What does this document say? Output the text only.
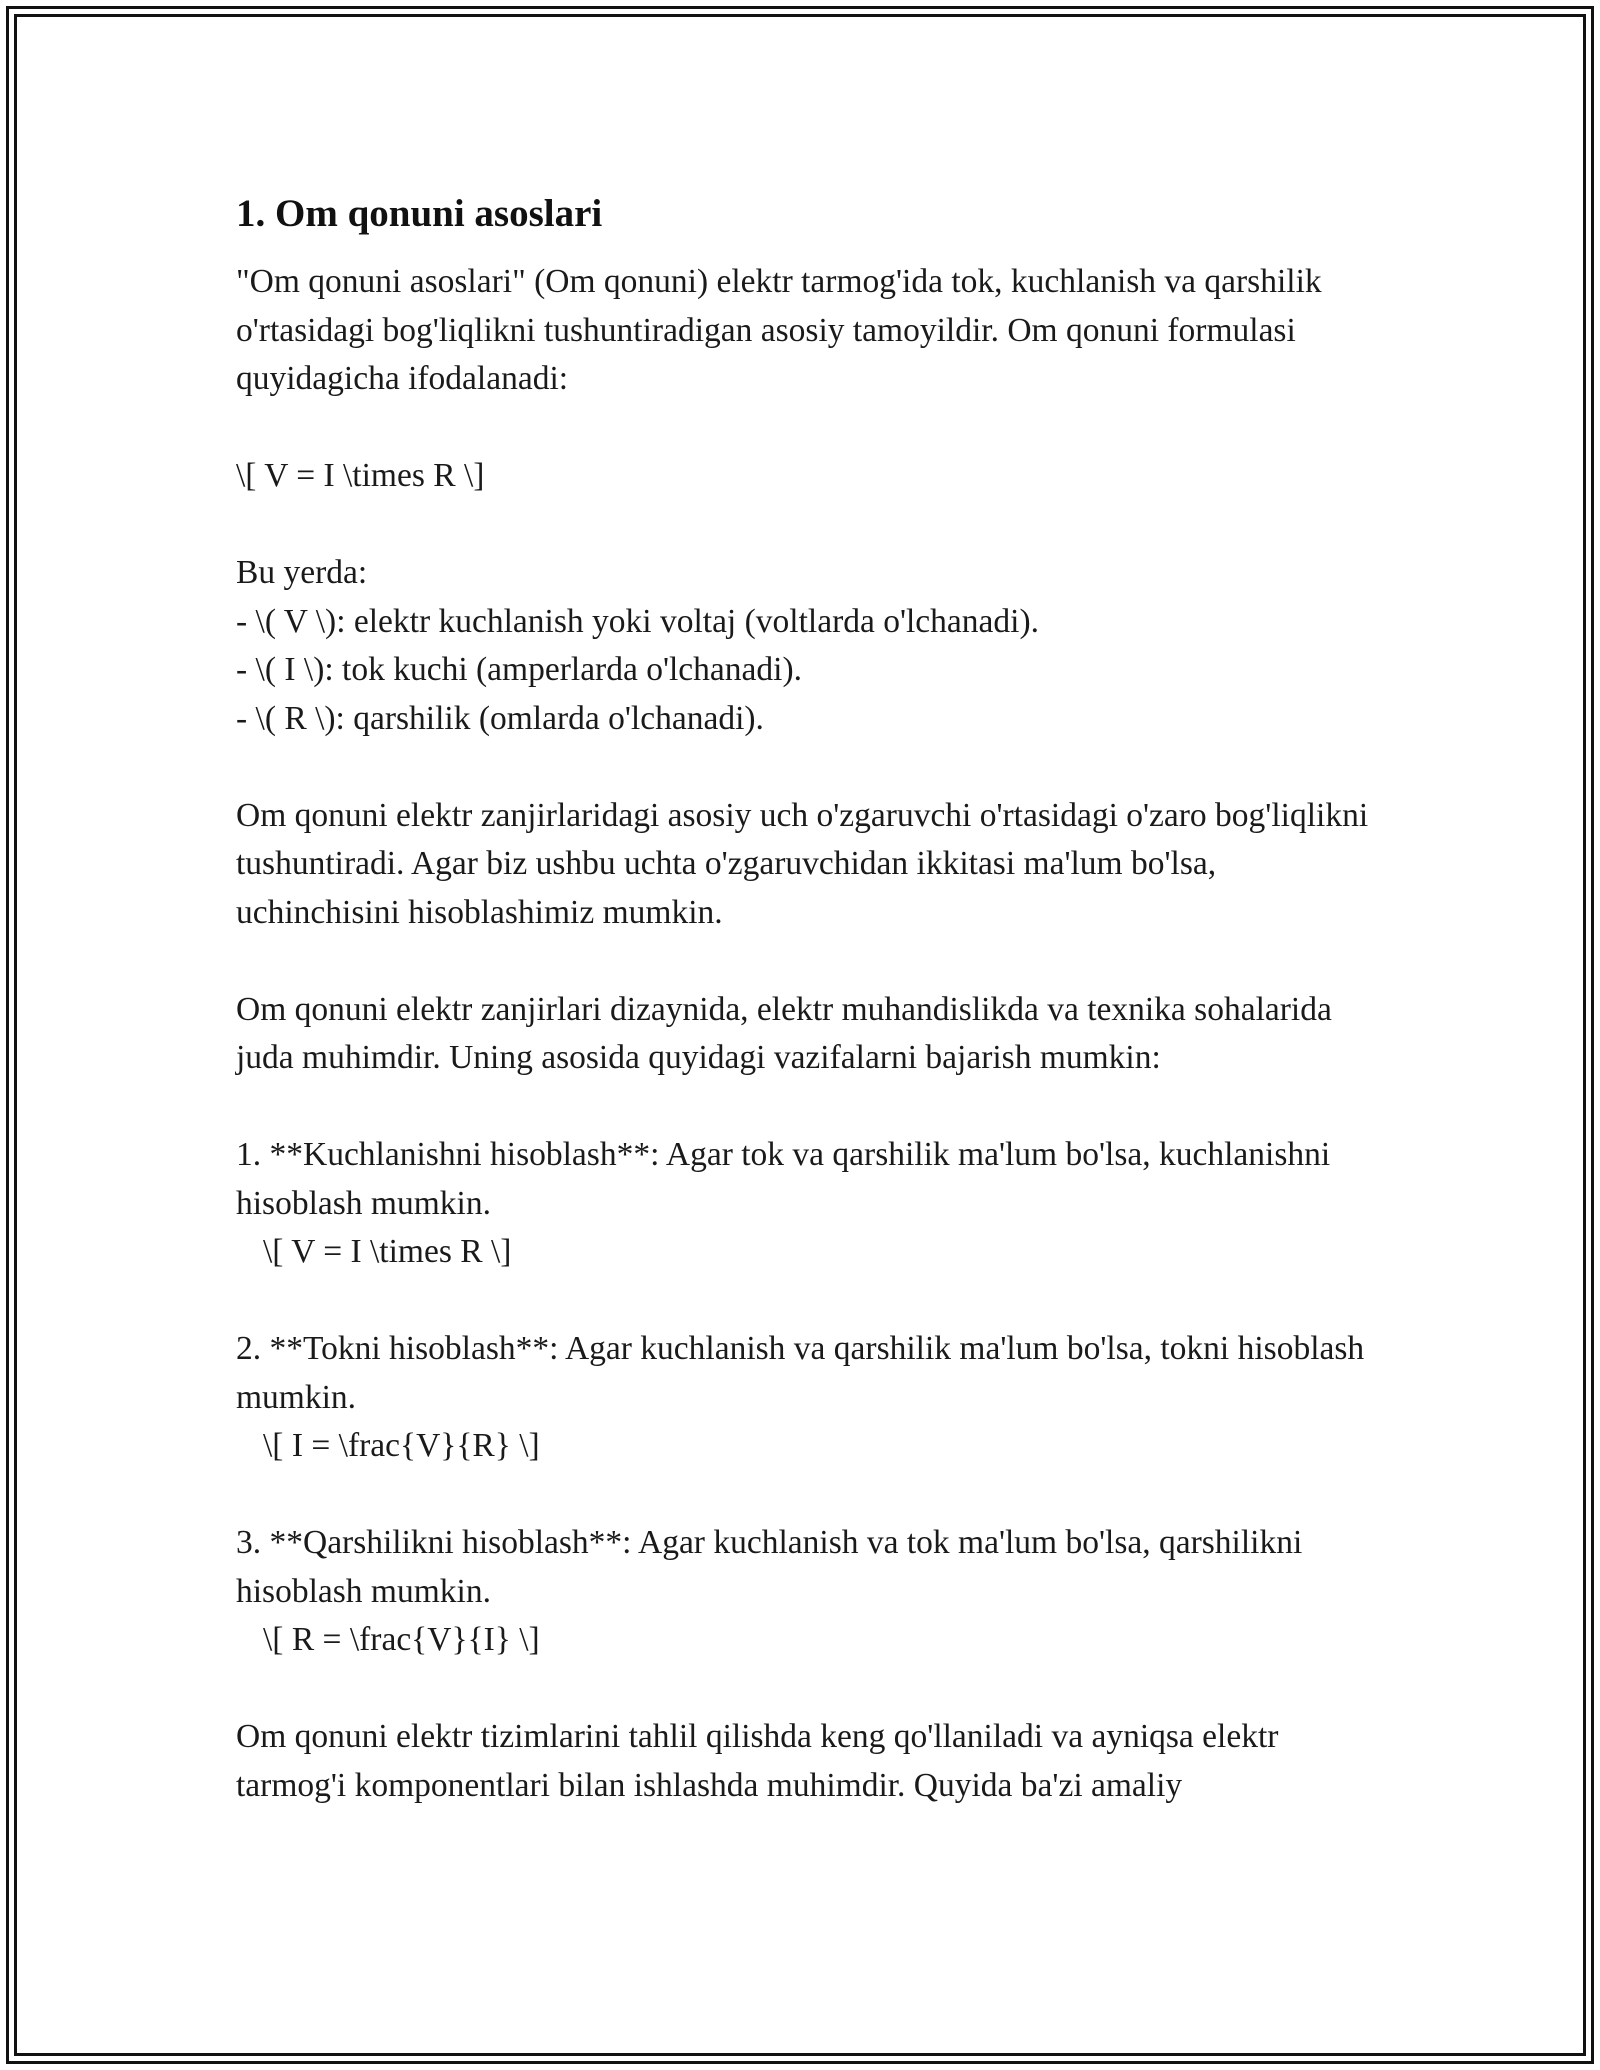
1. Om qonuni asoslari

"Om qonuni asoslari" (Om qonuni) elektr tarmog'ida tok, kuchlanish va qarshilik o'rtasidagi bog'liqlikni tushuntiradigan asosiy tamoyildir. Om qonuni formulasi quyidagicha ifodalanadi:

\[ V = I \times R \]

Bu yerda:

- \( V \): elektr kuchlanish yoki voltaj (voltlarda o'lchanadi).

- \( I \): tok kuchi (amperlarda o'lchanadi).

- \( R \): qarshilik (omlarda o'lchanadi).

Om qonuni elektr zanjirlaridagi asosiy uch o'zgaruvchi o'rtasidagi o'zaro bog'liqlikni tushuntiradi. Agar biz ushbu uchta o'zgaruvchidan ikkitasi ma'lum bo'lsa, uchinchisini hisoblashimiz mumkin.

Om qonuni elektr zanjirlari dizaynida, elektr muhandislikda va texnika sohalarida juda muhimdir. Uning asosida quyidagi vazifalarni bajarish mumkin:

1. **Kuchlanishni hisoblash**: Agar tok va qarshilik ma'lum bo'lsa, kuchlanishni hisoblash mumkin.

\[ V = I \times R \]

2. **Tokni hisoblash**: Agar kuchlanish va qarshilik ma'lum bo'lsa, tokni hisoblash mumkin.

\[ I = \frac{V}{R} \]

3. **Qarshilikni hisoblash**: Agar kuchlanish va tok ma'lum bo'lsa, qarshilikni hisoblash mumkin.

\[ R = \frac{V}{I} \]

Om qonuni elektr tizimlarini tahlil qilishda keng qo'llaniladi va ayniqsa elektr tarmog'i komponentlari bilan ishlashda muhimdir. Quyida ba'zi amaliy
